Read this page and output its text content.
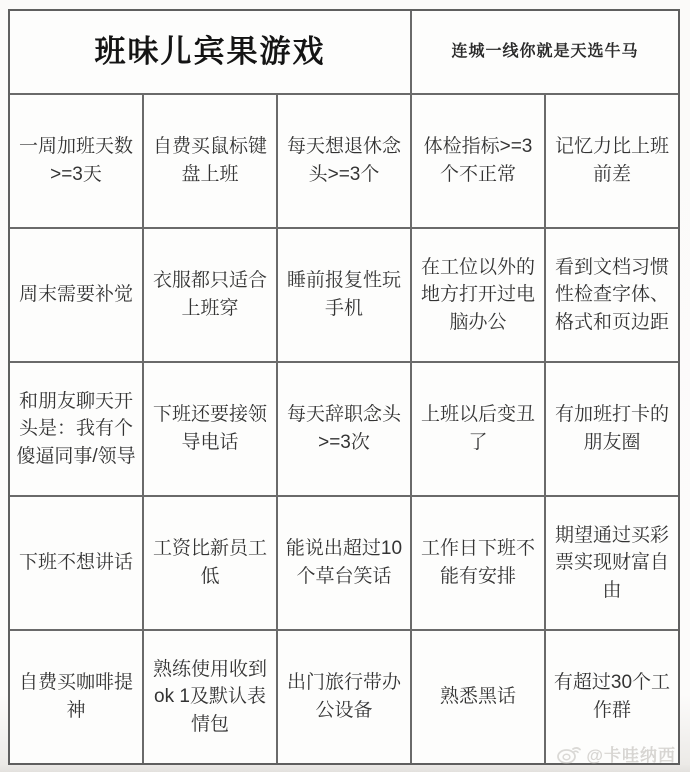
班味儿宾果游戏	连城一线你就是天选牛马
一周加班天数>=3天
自费买鼠标键盘上班
每天想退休念头>=3个
体检指标>=3个不正常
记忆力比上班前差
周末需要补觉
衣服都只适合上班穿
睡前报复性玩手机
在工位以外的地方打开过电脑办公
看到文档习惯性检查字体、格式和页边距
和朋友聊天开头是：我有个傻逼同事/领导
下班还要接领导电话
每天辞职念头>=3次
上班以后变丑了
有加班打卡的朋友圈
下班不想讲话
工资比新员工低
能说出超过10个草台笑话
工作日下班不能有安排
期望通过买彩票实现财富自由
自费买咖啡提神
熟练使用收到ok 1及默认表情包
出门旅行带办公设备
熟悉黑话
有超过30个工作群
@卡哇纳西
